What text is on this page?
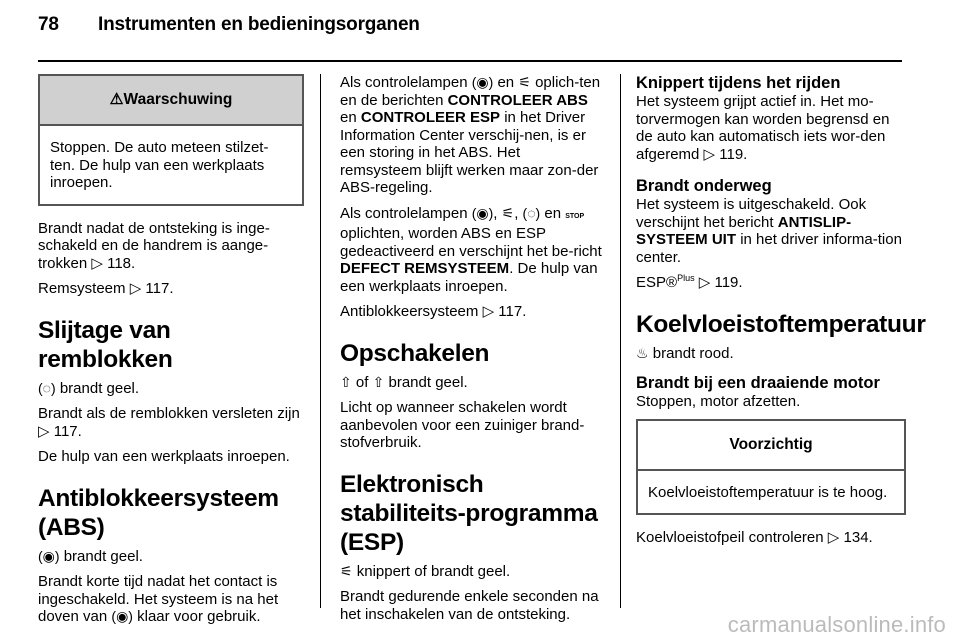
78 Instrumenten en bedieningsorganen
⚠Waarschuwing
Stoppen. De auto meteen stilzet-ten. De hulp van een werkplaats inroepen.

Brandt nadat de ontsteking is inge-schakeld en de handrem is aange-trokken ▷ 118.

Remsysteem ▷ 117.

Slijtage van remblokken

(◌) brandt geel.

Brandt als de remblokken versleten zijn ▷ 117.

De hulp van een werkplaats inroepen.

Antiblokkeersysteem (ABS)

(◉) brandt geel.

Brandt korte tijd nadat het contact is ingeschakeld. Het systeem is na het doven van (◉) klaar voor gebruik.

Als controlelampen (◉) en ⚟ oplich-ten en de berichten CONTROLEER ABS en CONTROLEER ESP in het Driver Information Center verschij-nen, is er een storing in het ABS. Het remsysteem blijft werken maar zon-der ABS-regeling.

Als controlelampen (◉), ⚟, (◌) en STOP oplichten, worden ABS en ESP gedeactiveerd en verschijnt het be-richt DEFECT REMSYSTEEM. De hulp van een werkplaats inroepen.

Antiblokkeersysteem ▷ 117.

Opschakelen

⇧ of ⇧ brandt geel.

Licht op wanneer schakelen wordt aanbevolen voor een zuiniger brand-stofverbruik.

Elektronisch stabiliteits-programma (ESP)

⚟ knippert of brandt geel.

Brandt gedurende enkele seconden na het inschakelen van de ontsteking.

Knippert tijdens het rijden

Het systeem grijpt actief in. Het mo-torvermogen kan worden begrensd en de auto kan automatisch iets wor-den afgeremd ▷ 119.

Brandt onderweg

Het systeem is uitgeschakeld. Ook verschijnt het bericht ANTISLIP-SYSTEEM UIT in het driver informa-tion center.

ESP®$^{Plus}$ ▷ 119.

Koelvloeistoftemperatuur

♨ brandt rood.

Brandt bij een draaiende motor

Stoppen, motor afzetten.

Voorzichtig
Koelvloeistoftemperatuur is te hoog.

Koelvloeistofpeil controleren ▷ 134.

carmanualsonline.info
